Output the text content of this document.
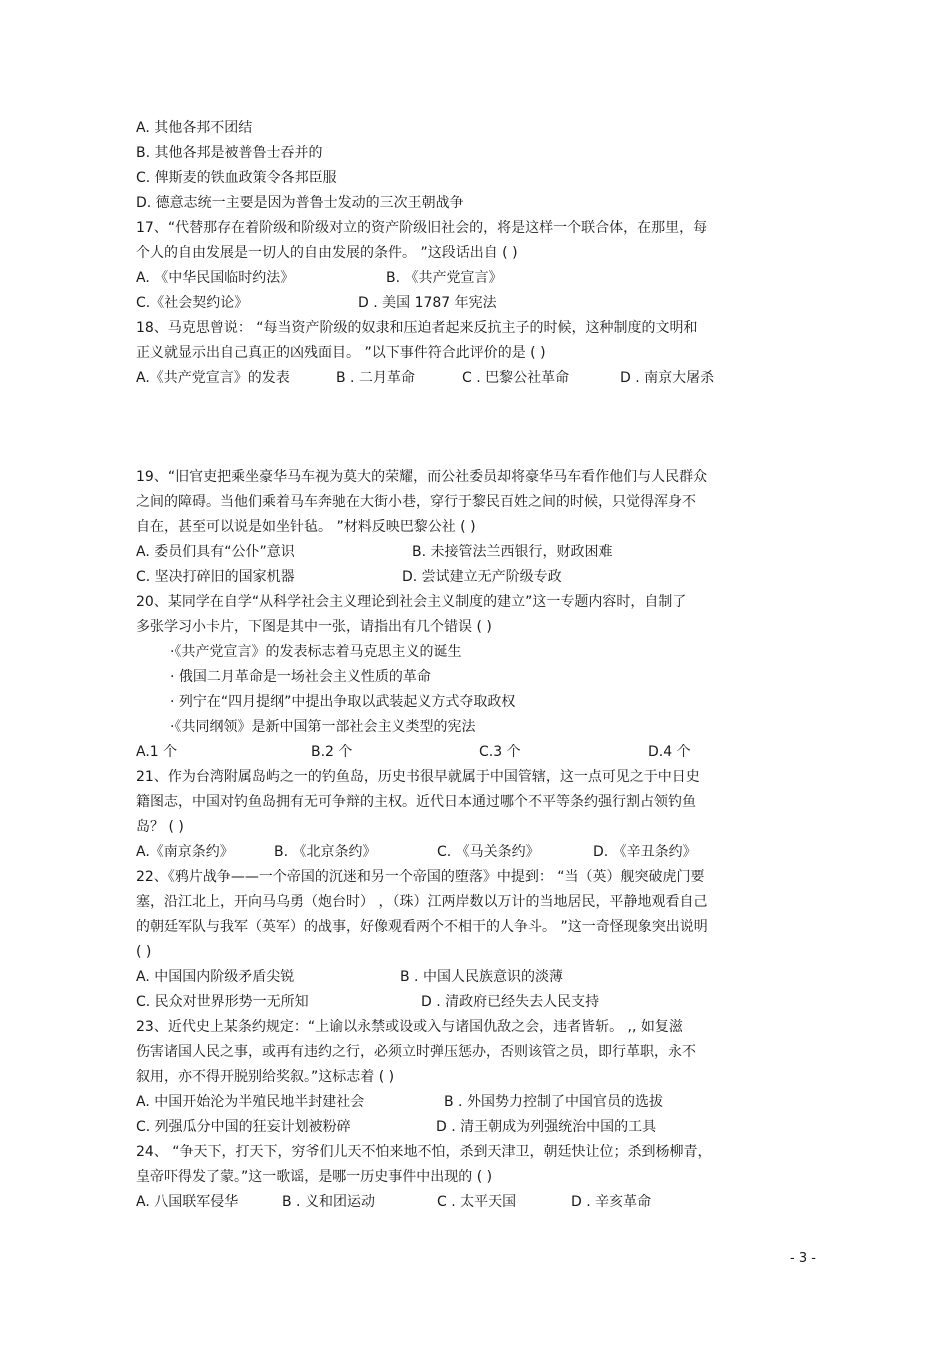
A. 其他各邦不团结
B. 其他各邦是被普鲁士吞并的
C. 俾斯麦的铁血政策令各邦臣服
D. 德意志统一主要是因为普鲁士发动的三次王朝战争
17、“代替那存在着阶级和阶级对立的资产阶级旧社会的，将是这样一个联合体，在那里，每
个人的自由发展是一切人的自由发展的条件。 ”这段话出自 ( )
A. 《中华民国临时约法》	B. 《共产党宣言》
C.《社会契约论》	D . 美国 1787 年宪法
18、马克思曾说： “每当资产阶级的奴隶和压迫者起来反抗主子的时候，这种制度的文明和
正义就显示出自己真正的凶残面目。 ”以下事件符合此评价的是 ( )
A.《共产党宣言》的发表	B . 二月革命	C . 巴黎公社革命	D . 南京大屠杀
19、“旧官吏把乘坐豪华马车视为莫大的荣耀，而公社委员却将豪华马车看作他们与人民群众
之间的障碍。当他们乘着马车奔驰在大街小巷，穿行于黎民百姓之间的时候，只觉得浑身不
自在，甚至可以说是如坐针毡。 ”材料反映巴黎公社 ( )
A. 委员们具有“公仆”意识	B. 未接管法兰西银行，财政困难
C. 坚决打碎旧的国家机器	D. 尝试建立无产阶级专政
20、某同学在自学“从科学社会主义理论到社会主义制度的建立”这一专题内容时，自制了
多张学习小卡片，下图是其中一张，请指出有几个错误 ( )
·《共产党宣言》的发表标志着马克思主义的诞生
· 俄国二月革命是一场社会主义性质的革命
· 列宁在“四月提纲”中提出争取以武装起义方式夺取政权
·《共同纲领》是新中国第一部社会主义类型的宪法
A.1 个	B.2 个	C.3 个	D.4 个
21、作为台湾附属岛屿之一的钓鱼岛，历史书很早就属于中国管辖，这一点可见之于中日史
籍图志，中国对钓鱼岛拥有无可争辩的主权。近代日本通过哪个不平等条约强行割占领钓鱼
岛？ ( )
A.《南京条约》	B. 《北京条约》	C. 《马关条约》	D. 《辛丑条约》
22、《鸦片战争——一个帝国的沉迷和另一个帝国的堕落》中提到： “当（英）舰突破虎门要
塞，沿江北上，开向马乌勇（炮台时） ，（珠）江两岸数以万计的当地居民，平静地观看自己
的朝廷军队与我军（英军）的战事，好像观看两个不相干的人争斗。 ”这一奇怪现象突出说明
( )
A. 中国国内阶级矛盾尖锐	B . 中国人民族意识的淡薄
C. 民众对世界形势一无所知	D . 清政府已经失去人民支持
23、近代史上某条约规定：“上谕以永禁或设或入与诸国仇敌之会，违者皆斩。 ,, 如复滋
伤害诸国人民之事，或再有违约之行，必须立时弹压惩办，否则该管之员，即行革职，永不
叙用，亦不得开脱别给奖叙。”这标志着 ( )
A. 中国开始沦为半殖民地半封建社会	B . 外国势力控制了中国官员的选拔
C. 列强瓜分中国的狂妄计划被粉碎	D . 清王朝成为列强统治中国的工具
24、 “争天下，打天下，穷爷们儿天不怕来地不怕，杀到天津卫，朝廷快让位；杀到杨柳青，
皇帝吓得发了蒙。”这一歌谣，是哪一历史事件中出现的 ( )
A. 八国联军侵华	B . 义和团运动	C . 太平天国	D . 辛亥革命
- 3 -
